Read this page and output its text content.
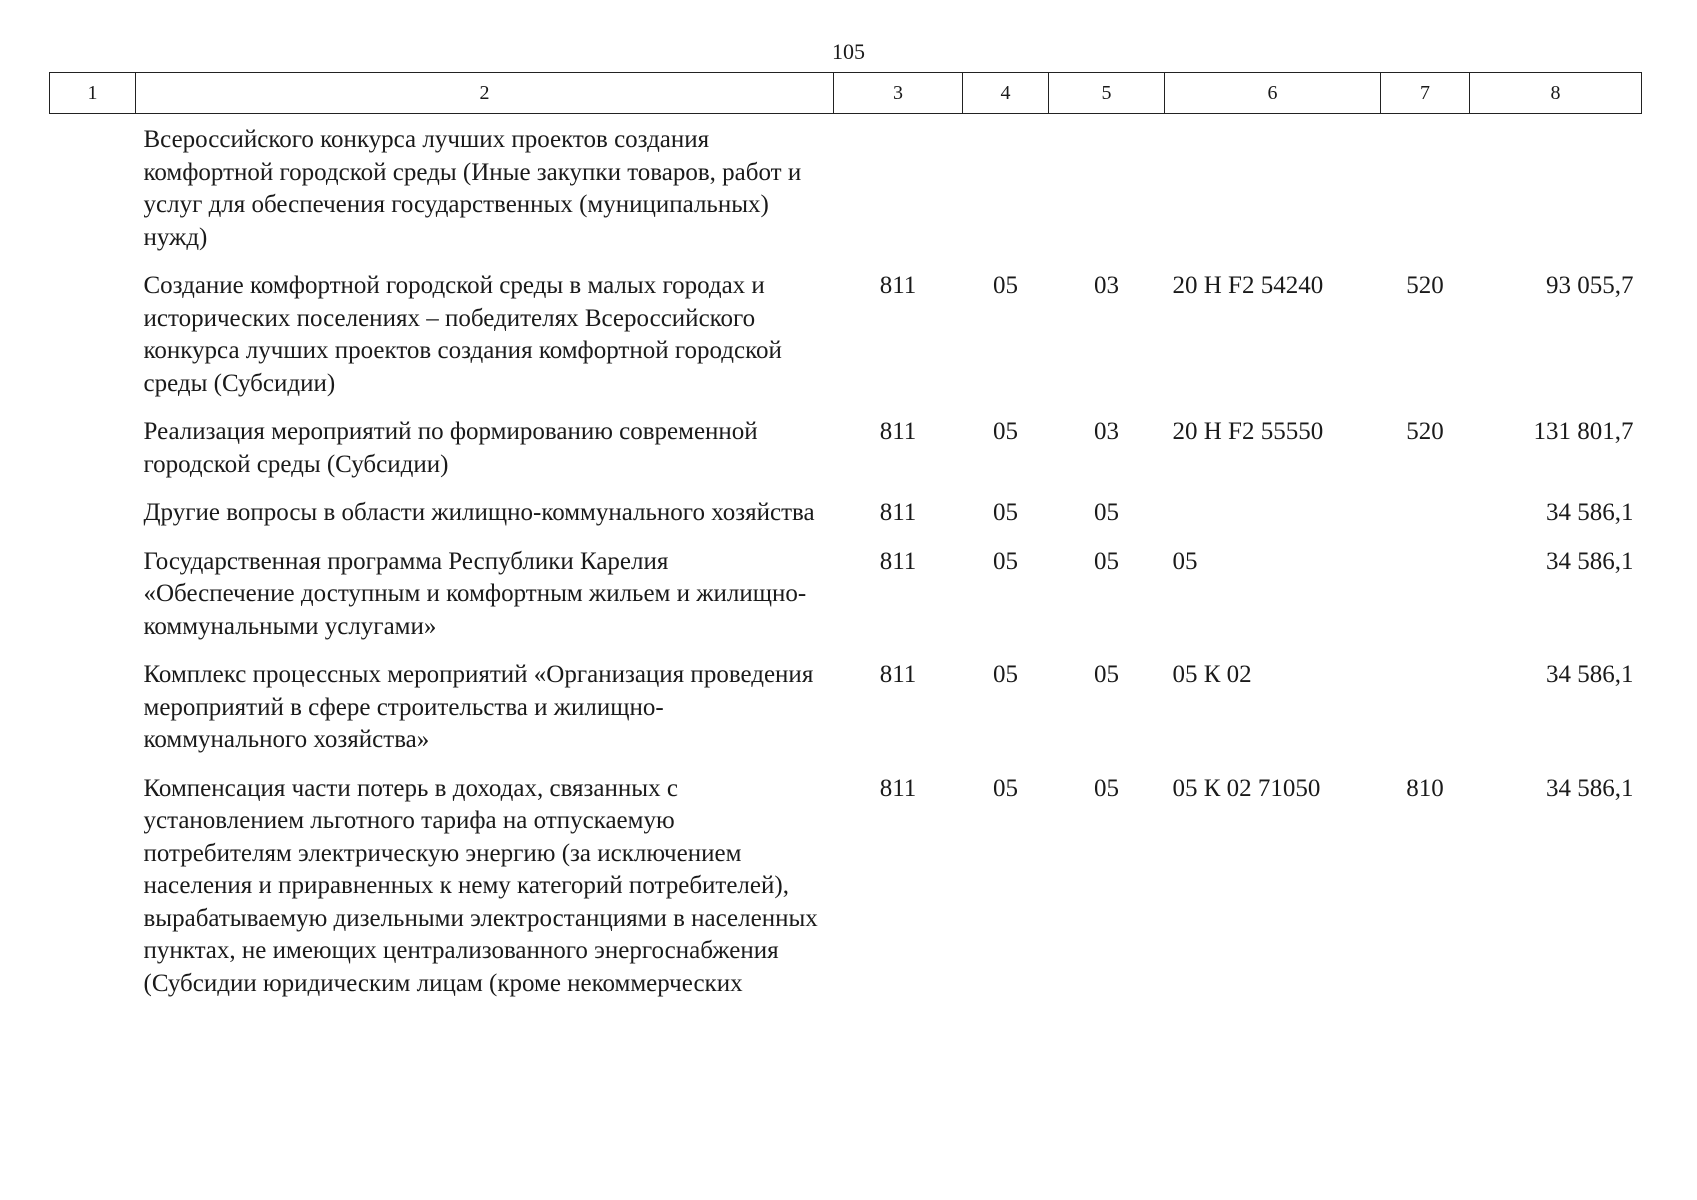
105
1	2	3	4	5	6	7	8
	Всероссийского конкурса лучших проектов создания комфортной городской среды (Иные закупки товаров, работ и услуг для обеспечения государственных (муниципальных) нужд)						
	Создание комфортной городской среды в малых городах и исторических поселениях – победителях Всероссийского конкурса лучших проектов создания комфортной городской среды (Субсидии)	811	05	03	20 Н F2 54240	520	93 055,7
	Реализация мероприятий по формированию современной городской среды (Субсидии)	811	05	03	20 Н F2 55550	520	131 801,7
	Другие вопросы в области жилищно-коммунального хозяйства	811	05	05			34 586,1
	Государственная программа Республики Карелия «Обеспечение доступным и комфортным жильем и жилищно-коммунальными услугами»	811	05	05	05		34 586,1
	Комплекс процессных мероприятий «Организация проведения мероприятий в сфере строительства и жилищно-коммунального хозяйства»	811	05	05	05 К 02		34 586,1
	Компенсация части потерь в доходах, связанных с установлением льготного тарифа на отпускаемую потребителям электрическую энергию (за исключением населения и приравненных к нему категорий потребителей), вырабатываемую дизельными электростанциями в населенных пунктах, не имеющих централизованного энергоснабжения (Субсидии юридическим лицам (кроме некоммерческих	811	05	05	05 К 02 71050	810	34 586,1
